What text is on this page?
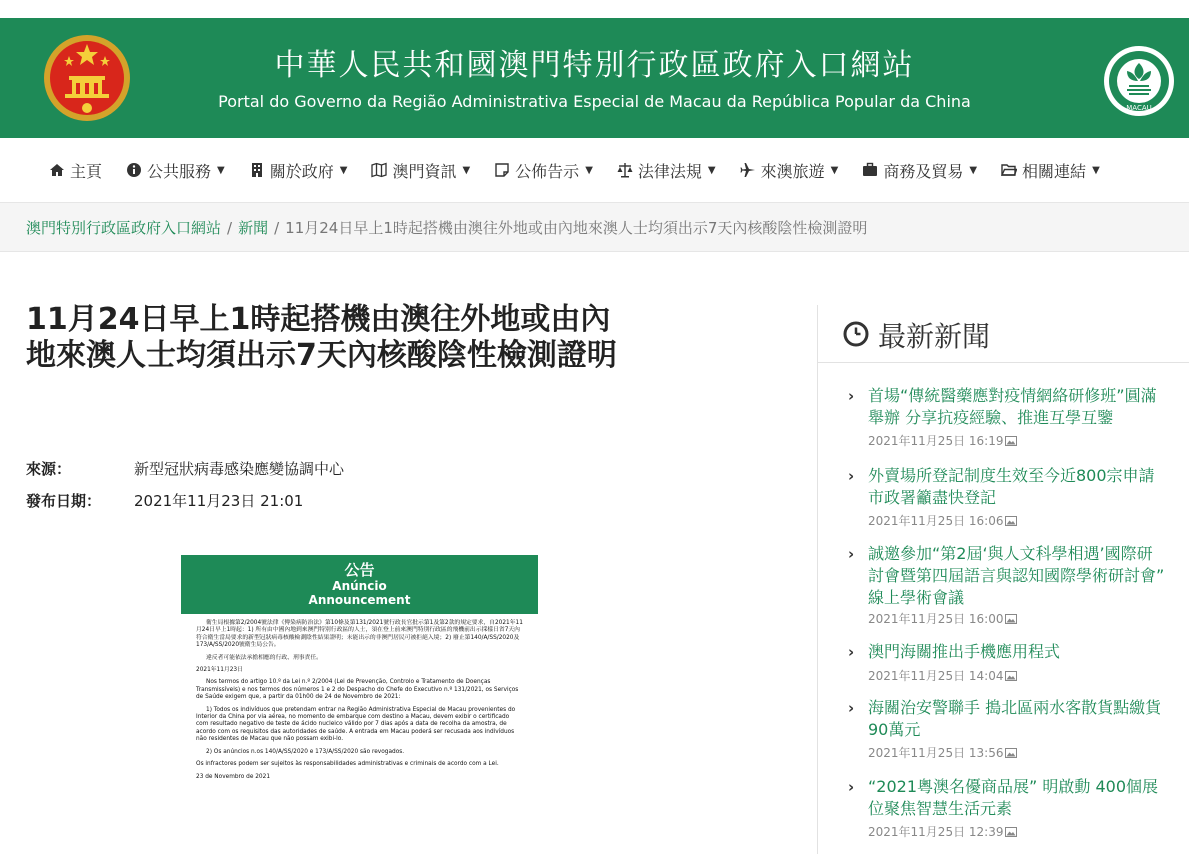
中華人民共和國澳門特別行政區政府入口網站
Portal do Governo da Região Administrativa Especial de Macau da República Popular da China	MACAU
主頁	公共服務 ▼	關於政府 ▼	澳門資訊 ▼	公佈告示 ▼	法律法規 ▼	來澳旅遊 ▼	商務及貿易 ▼	相關連結 ▼
澳門特別行政區政府入口網站 / 新聞 / 11月24日早上1時起搭機由澳往外地或由內地來澳人士均須出示7天內核酸陰性檢測證明
11月24日早上1時起搭機由澳往外地或由內
地來澳人士均須出示7天內核酸陰性檢測證明
來源：	新型冠狀病毒感染應變協調中心
發布日期： 2021年11月23日 21:01
公告
Anúncio
Announcement

衛生局根據第2/2004號法律《傳染病防治法》第10條及第131/2021號行政長官批示第1及第2款的規定要求，自2021年11月24日早上1時起：1) 所有由中國內地到來澳門特別行政區的人士，須在登上前來澳門特別行政區的飛機前出示採樣日省7天內符合衛生當局要求的新型冠狀病毒核酸檢測陰性結果證明；未能出示的非澳門居民可被拒絕入境；2) 廢止第140/A/SS/2020及173/A/SS/2020號衛生局公告。

違反者可能依法承擔相應的行政、刑事責任。

2021年11月23日

Nos termos do artigo 10.º da Lei n.º 2/2004 (Lei de Prevenção, Controlo e Tratamento de Doenças Transmissíveis) e nos termos dos números 1 e 2 do Despacho do Chefe do Executivo n.º 131/2021, os Serviços de Saúde exigem que, a partir da 01h00 de 24 de Novembro de 2021:

1) Todos os indivíduos que pretendam entrar na Região Administrativa Especial de Macau provenientes do Interior da China por via aérea, no momento de embarque com destino a Macau, devem exibir o certificado com resultado negativo de teste de ácido nucleico válido por 7 dias após a data de recolha da amostra, de acordo com os requisitos das autoridades de saúde. A entrada em Macau poderá ser recusada aos indivíduos não residentes de Macau que não possam exibi-lo.

2) Os anúncios n.os 140/A/SS/2020 e 173/A/SS/2020 são revogados.

Os infractores podem ser sujeitos às responsabilidades administrativas e criminais de acordo com a Lei.

23 de Novembro de 2021

最新新聞
› 首場“傳統醫藥應對疫情網絡研修班”圓滿舉辦 分享抗疫經驗、推進互學互鑒
2021年11月25日 16:19
› 外賣場所登記制度生效至今近800宗申請 市政署籲盡快登記
2021年11月25日 16:06
› 誠邀參加“第2屆‘與人文科學相遇’國際研討會暨第四屆語言與認知國際學術研討會” 線上學術會議
2021年11月25日 16:00
› 澳門海關推出手機應用程式
2021年11月25日 14:04
› 海關治安警聯手 搗北區兩水客散貨點繳貨90萬元
2021年11月25日 13:56
› “2021粵澳名優商品展” 明啟動 400個展位聚焦智慧生活元素
2021年11月25日 12:39
